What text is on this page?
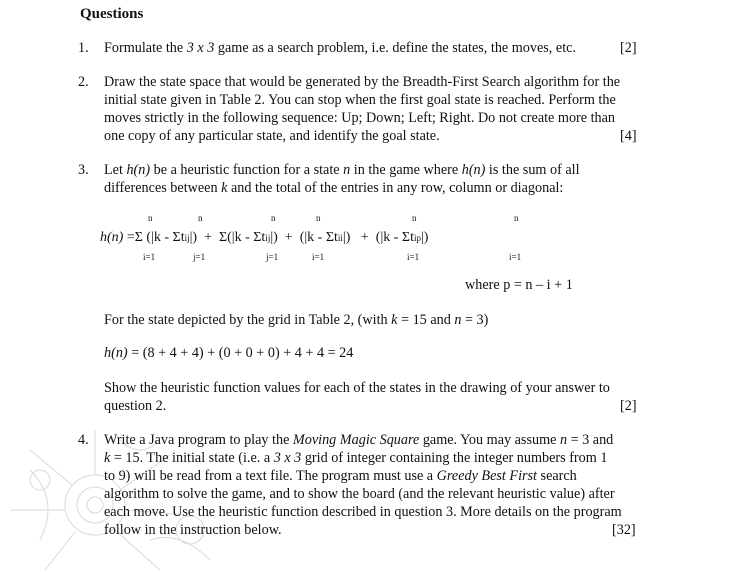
Questions
1. Formulate the 3 x 3 game as a search problem, i.e. define the states, the moves, etc.	[2]
2. Draw the state space that would be generated by the Breadth-First Search algorithm for the
initial state given in Table 2. You can stop when the first goal state is reached. Perform the
moves strictly in the following sequence: Up; Down; Left; Right. Do not create more than
one copy of any particular state, and identify the goal state.	[4]
3. Let h(n) be a heuristic function for a state n in the game where h(n) is the sum of all
differences between k and the total of the entries in any row, column or diagonal:
n	n	n	n	n	n
h(n) =Σ (|k - Σtij|) + Σ(|k - Σtij|) + (|k - Σtii|) + (|k - Σtip|)
i=1	j=1	j=1	i=1	i=1	i=1
where p = n – i + 1
For the state depicted by the grid in Table 2, (with k = 15 and n = 3)
h(n) = (8 + 4 + 4) + (0 + 0 + 0) + 4 + 4 = 24
Show the heuristic function values for each of the states in the drawing of your answer to
question 2.	[2]
4. Write a Java program to play the Moving Magic Square game. You may assume n = 3 and
k = 15. The initial state (i.e. a 3 x 3 grid of integer containing the integer numbers from 1
to 9) will be read from a text file. The program must use a Greedy Best First search
algorithm to solve the game, and to show the board (and the relevant heuristic value) after
each move. Use the heuristic function described in question 3. More details on the program
follow in the instruction below.	[32]
